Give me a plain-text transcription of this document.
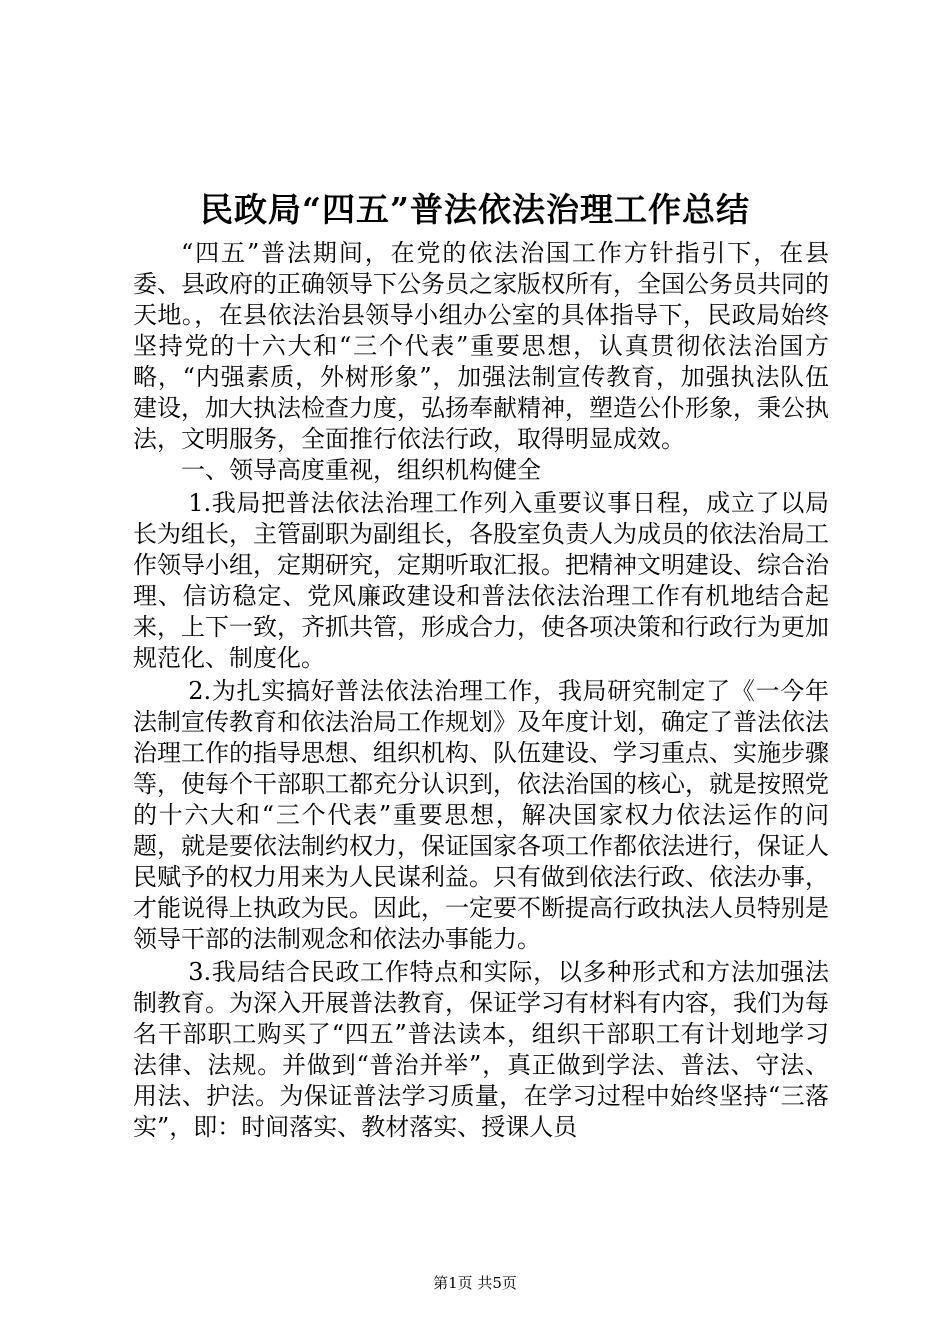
民政局“四五”普法依法治理工作总结

“四五”普法期间，在党的依法治国工作方针指引下，在县委、县政府的正确领导下公务员之家版权所有，全国公务员共同的天地。，在县依法治县领导小组办公室的具体指导下，民政局始终坚持党的十六大和“三个代表”重要思想，认真贯彻依法治国方略，“内强素质，外树形象”，加强法制宣传教育，加强执法队伍建设，加大执法检查力度，弘扬奉献精神，塑造公仆形象，秉公执法，文明服务，全面推行依法行政，取得明显成效。

一、领导高度重视，组织机构健全

1.我局把普法依法治理工作列入重要议事日程，成立了以局长为组长，主管副职为副组长，各股室负责人为成员的依法治局工作领导小组，定期研究，定期听取汇报。把精神文明建设、综合治理、信访稳定、党风廉政建设和普法依法治理工作有机地结合起来，上下一致，齐抓共管，形成合力，使各项决策和行政行为更加规范化、制度化。

2.为扎实搞好普法依法治理工作，我局研究制定了《一今年法制宣传教育和依法治局工作规划》及年度计划，确定了普法依法治理工作的指导思想、组织机构、队伍建设、学习重点、实施步骤等，使每个干部职工都充分认识到，依法治国的核心，就是按照党的十六大和“三个代表”重要思想，解决国家权力依法运作的问题，就是要依法制约权力，保证国家各项工作都依法进行，保证人民赋予的权力用来为人民谋利益。只有做到依法行政、依法办事，才能说得上执政为民。因此，一定要不断提高行政执法人员特别是领导干部的法制观念和依法办事能力。

3.我局结合民政工作特点和实际，以多种形式和方法加强法制教育。为深入开展普法教育，保证学习有材料有内容，我们为每名干部职工购买了“四五”普法读本，组织干部职工有计划地学习法律、法规。并做到“普治并举”，真正做到学法、普法、守法、用法、护法。为保证普法学习质量，在学习过程中始终坚持“三落实”，即：时间落实、教材落实、授课人员

第1页 共5页
